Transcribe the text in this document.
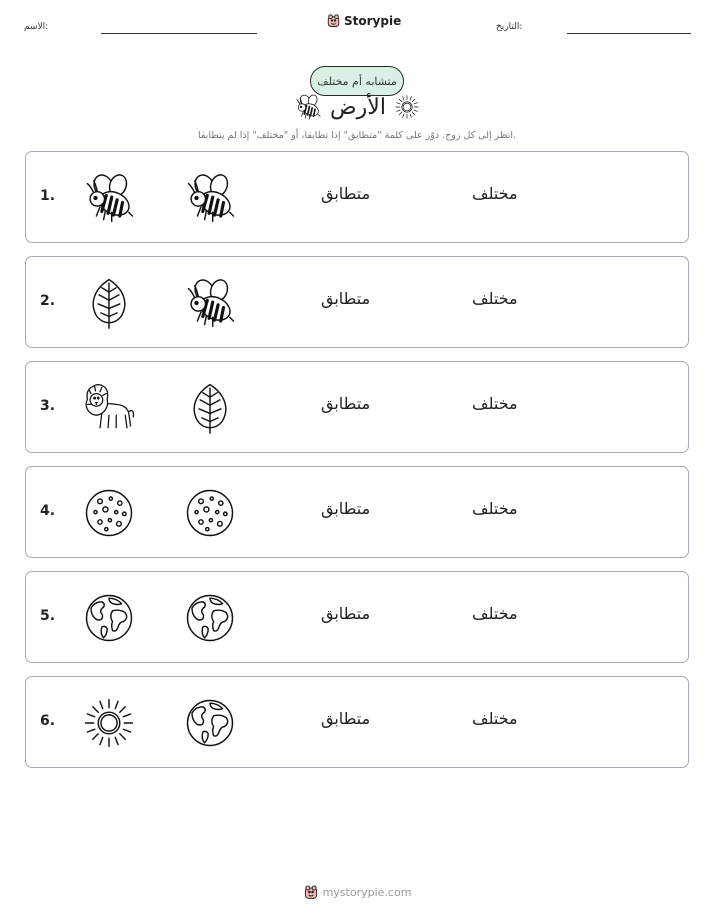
الاسم:	Storypie	التاريخ:
متشابه أم مختلف
الأرض
انظر إلى كل زوج. دوّر على كلمة "متطابق" إذا تطابقا، أو "مختلف" إذا لم يتطابقا.
1.	متطابق	مختلف
2.	متطابق	مختلف
3.	متطابق	مختلف
4.	متطابق	مختلف
5.	متطابق	مختلف
6.	متطابق	مختلف
mystorypie.com
